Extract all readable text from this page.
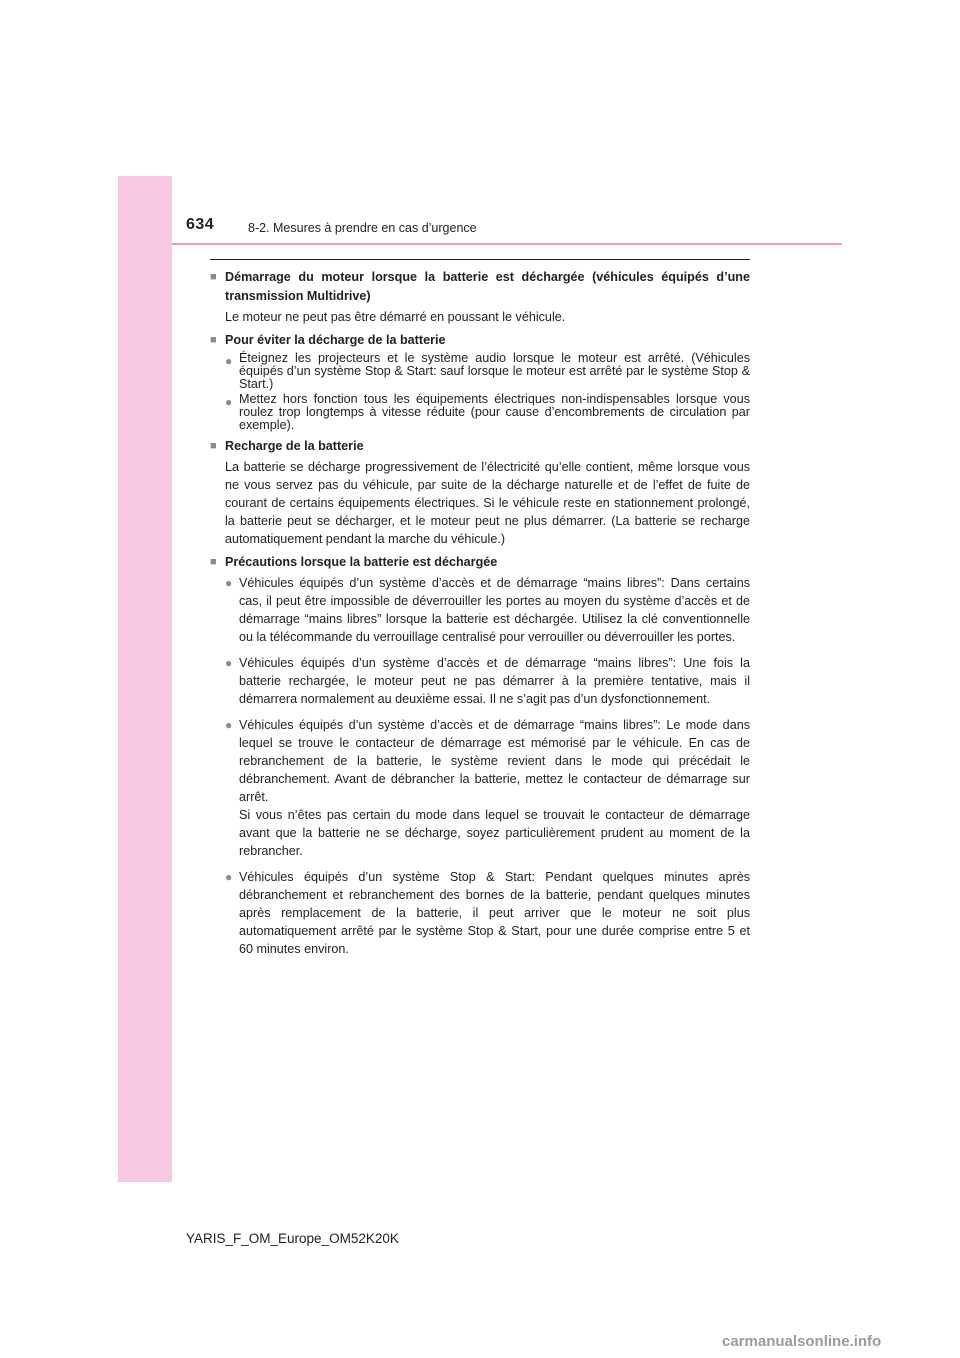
634	8-2. Mesures à prendre en cas d’urgence
■ Démarrage du moteur lorsque la batterie est déchargée (véhicules équipés d’une transmission Multidrive)
Le moteur ne peut pas être démarré en poussant le véhicule.
■ Pour éviter la décharge de la batterie
● Éteignez les projecteurs et le système audio lorsque le moteur est arrêté. (Véhicules équipés d’un système Stop & Start: sauf lorsque le moteur est arrêté par le système Stop & Start.)
● Mettez hors fonction tous les équipements électriques non-indispensables lorsque vous roulez trop longtemps à vitesse réduite (pour cause d’encombrements de circulation par exemple).
■ Recharge de la batterie
La batterie se décharge progressivement de l’électricité qu’elle contient, même lorsque vous ne vous servez pas du véhicule, par suite de la décharge naturelle et de l’effet de fuite de courant de certains équipements électriques. Si le véhicule reste en stationnement prolongé, la batterie peut se décharger, et le moteur peut ne plus démarrer. (La batterie se recharge automatiquement pendant la marche du véhicule.)
■ Précautions lorsque la batterie est déchargée
● Véhicules équipés d’un système d’accès et de démarrage “mains libres”: Dans certains cas, il peut être impossible de déverrouiller les portes au moyen du système d’accès et de démarrage “mains libres” lorsque la batterie est déchargée. Utilisez la clé conventionnelle ou la télécommande du verrouillage centralisé pour verrouiller ou déverrouiller les portes.
● Véhicules équipés d’un système d’accès et de démarrage “mains libres”: Une fois la batterie rechargée, le moteur peut ne pas démarrer à la première tentative, mais il démarrera normalement au deuxième essai. Il ne s’agit pas d’un dysfonctionnement.
● Véhicules équipés d’un système d’accès et de démarrage “mains libres”: Le mode dans lequel se trouve le contacteur de démarrage est mémorisé par le véhicule. En cas de rebranchement de la batterie, le système revient dans le mode qui précédait le débranchement. Avant de débrancher la batterie, mettez le contacteur de démarrage sur arrêt.
Si vous n’êtes pas certain du mode dans lequel se trouvait le contacteur de démarrage avant que la batterie ne se décharge, soyez particulièrement prudent au moment de la rebrancher.
● Véhicules équipés d’un système Stop & Start: Pendant quelques minutes après débranchement et rebranchement des bornes de la batterie, pendant quelques minutes après remplacement de la batterie, il peut arriver que le moteur ne soit plus automatiquement arrêté par le système Stop & Start, pour une durée comprise entre 5 et 60 minutes environ.
YARIS_F_OM_Europe_OM52K20K
carmanualsonline.info
